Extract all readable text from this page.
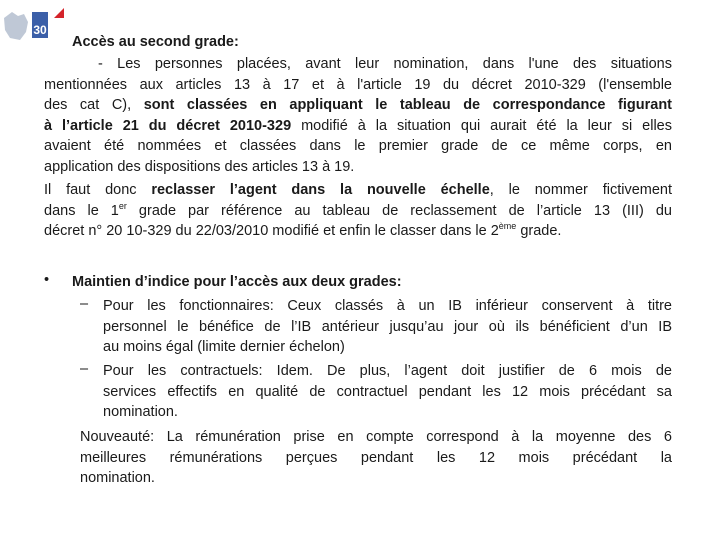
30
Accès au second grade:
- Les personnes placées, avant leur nomination, dans l'une des situations
mentionnées aux articles 13 à 17 et à l'article 19 du décret 2010-329 (l'ensemble
des cat C), sont classées en appliquant le tableau de correspondance figurant
à l’article 21 du décret 2010-329 modifié à la situation qui aurait été la leur si elles
avaient été nommées et classées dans le premier grade de ce même corps, en
application des dispositions des articles 13 à 19.
Il faut donc reclasser l’agent dans la nouvelle échelle, le nommer fictivement
dans le 1er grade par référence au tableau de reclassement de l’article 13 (III) du
décret n° 20 10-329 du 22/03/2010 modifié et enfin le classer dans le 2ème grade.
• Maintien d’indice pour l’accès aux deux grades:
– Pour les fonctionnaires: Ceux classés à un IB inférieur conservent à titre
personnel le bénéfice de l’IB antérieur jusqu’au jour où ils bénéficient d’un IB
au moins égal (limite dernier échelon)
– Pour les contractuels: Idem. De plus, l’agent doit justifier de 6 mois de
services effectifs en qualité de contractuel pendant les 12 mois précédant sa
nomination.
Nouveauté: La rémunération prise en compte correspond à la moyenne des 6
meilleures rémunérations perçues pendant les 12 mois précédant la
nomination.
